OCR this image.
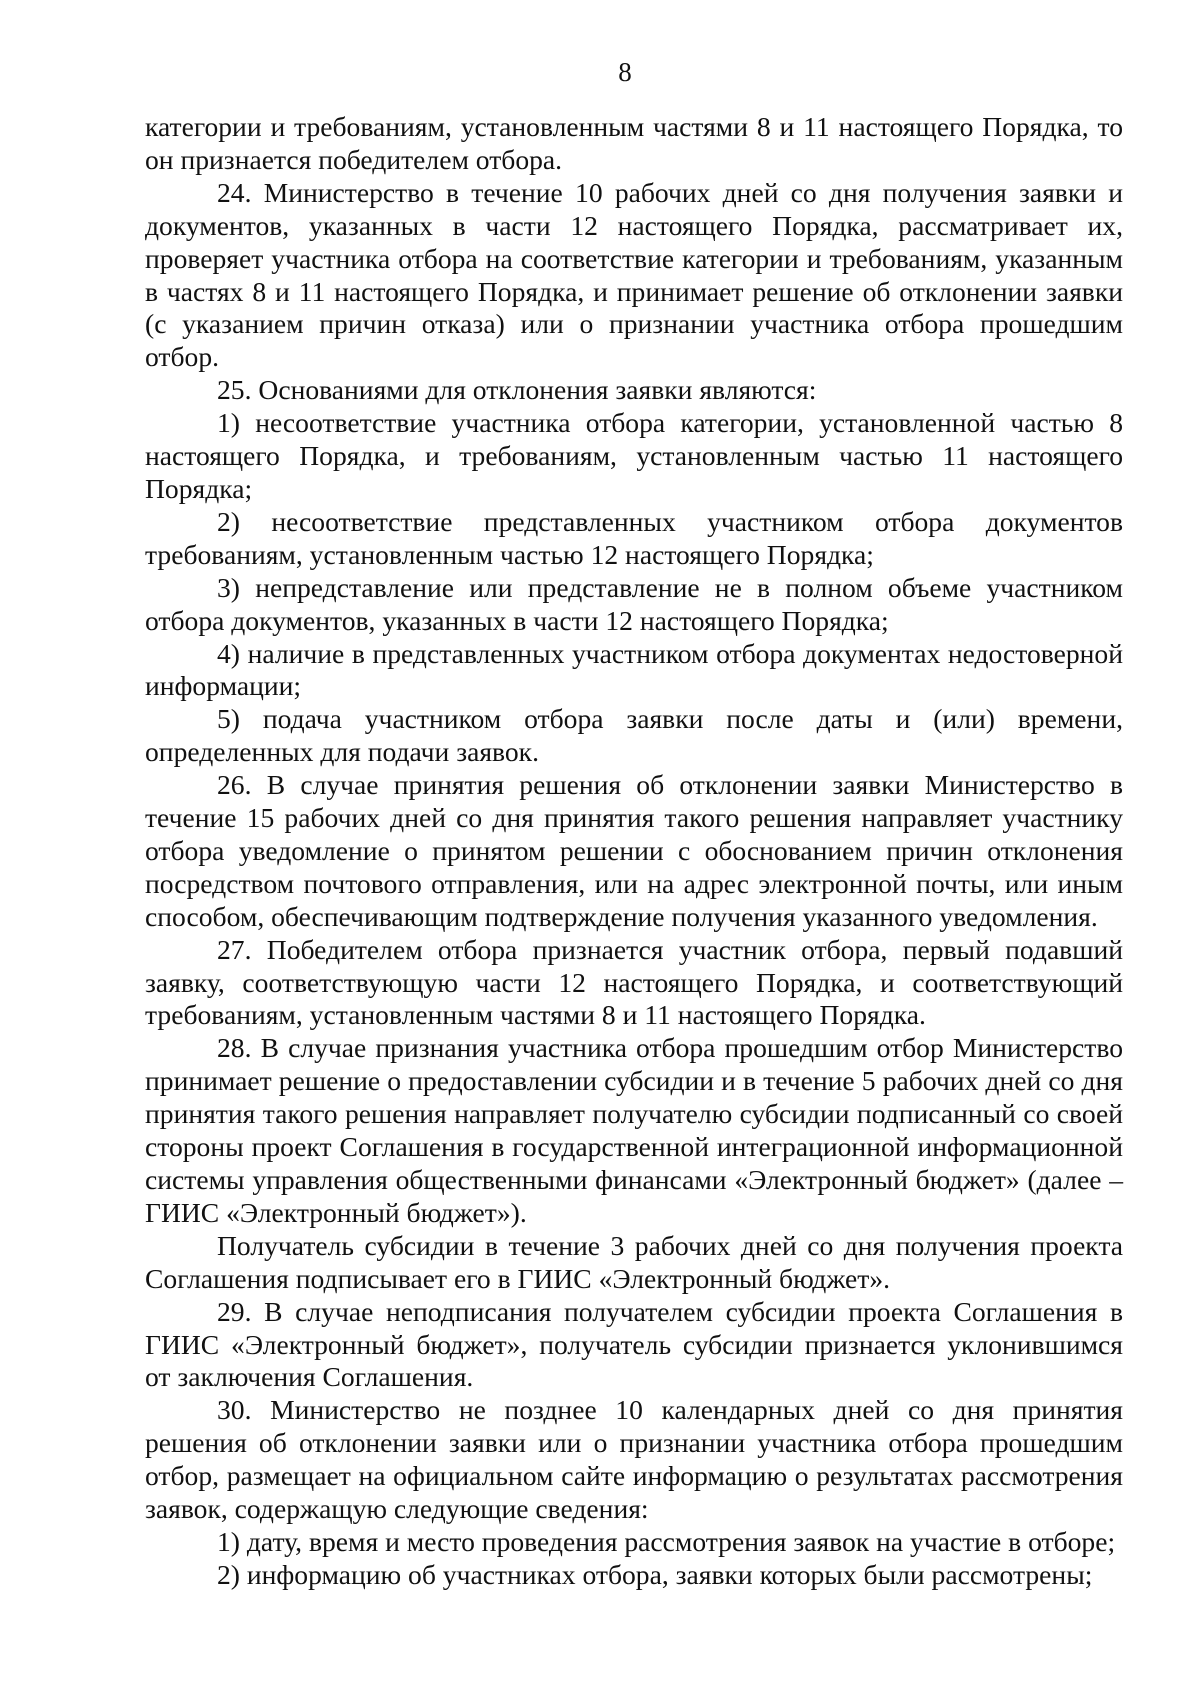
8

категории и требованиям, установленным частями 8 и 11 настоящего Порядка, то он признается победителем отбора.

24. Министерство в течение 10 рабочих дней со дня получения заявки и документов, указанных в части 12 настоящего Порядка, рассматривает их, проверяет участника отбора на соответствие категории и требованиям, указанным в частях 8 и 11 настоящего Порядка, и принимает решение об отклонении заявки (с указанием причин отказа) или о признании участника отбора прошедшим отбор.

25. Основаниями для отклонения заявки являются:

1) несоответствие участника отбора категории, установленной частью 8 настоящего Порядка, и требованиям, установленным частью 11 настоящего Порядка;

2) несоответствие представленных участником отбора документов требованиям, установленным частью 12 настоящего Порядка;

3) непредставление или представление не в полном объеме участником отбора документов, указанных в части 12 настоящего Порядка;

4) наличие в представленных участником отбора документах недостоверной информации;

5) подача участником отбора заявки после даты и (или) времени, определенных для подачи заявок.

26. В случае принятия решения об отклонении заявки Министерство в течение 15 рабочих дней со дня принятия такого решения направляет участнику отбора уведомление о принятом решении с обоснованием причин отклонения посредством почтового отправления, или на адрес электронной почты, или иным способом, обеспечивающим подтверждение получения указанного уведомления.

27. Победителем отбора признается участник отбора, первый подавший заявку, соответствующую части 12 настоящего Порядка, и соответствующий требованиям, установленным частями 8 и 11 настоящего Порядка.

28. В случае признания участника отбора прошедшим отбор Министерство принимает решение о предоставлении субсидии и в течение 5 рабочих дней со дня принятия такого решения направляет получателю субсидии подписанный со своей стороны проект Соглашения в государственной интеграционной информационной системы управления общественными финансами «Электронный бюджет» (далее – ГИИС «Электронный бюджет»).

Получатель субсидии в течение 3 рабочих дней со дня получения проекта Соглашения подписывает его в ГИИС «Электронный бюджет».

29. В случае неподписания получателем субсидии проекта Соглашения в ГИИС «Электронный бюджет», получатель субсидии признается уклонившимся от заключения Соглашения.

30. Министерство не позднее 10 календарных дней со дня принятия решения об отклонении заявки или о признании участника отбора прошедшим отбор, размещает на официальном сайте информацию о результатах рассмотрения заявок, содержащую следующие сведения:

1) дату, время и место проведения рассмотрения заявок на участие в отборе;

2) информацию об участниках отбора, заявки которых были рассмотрены;
